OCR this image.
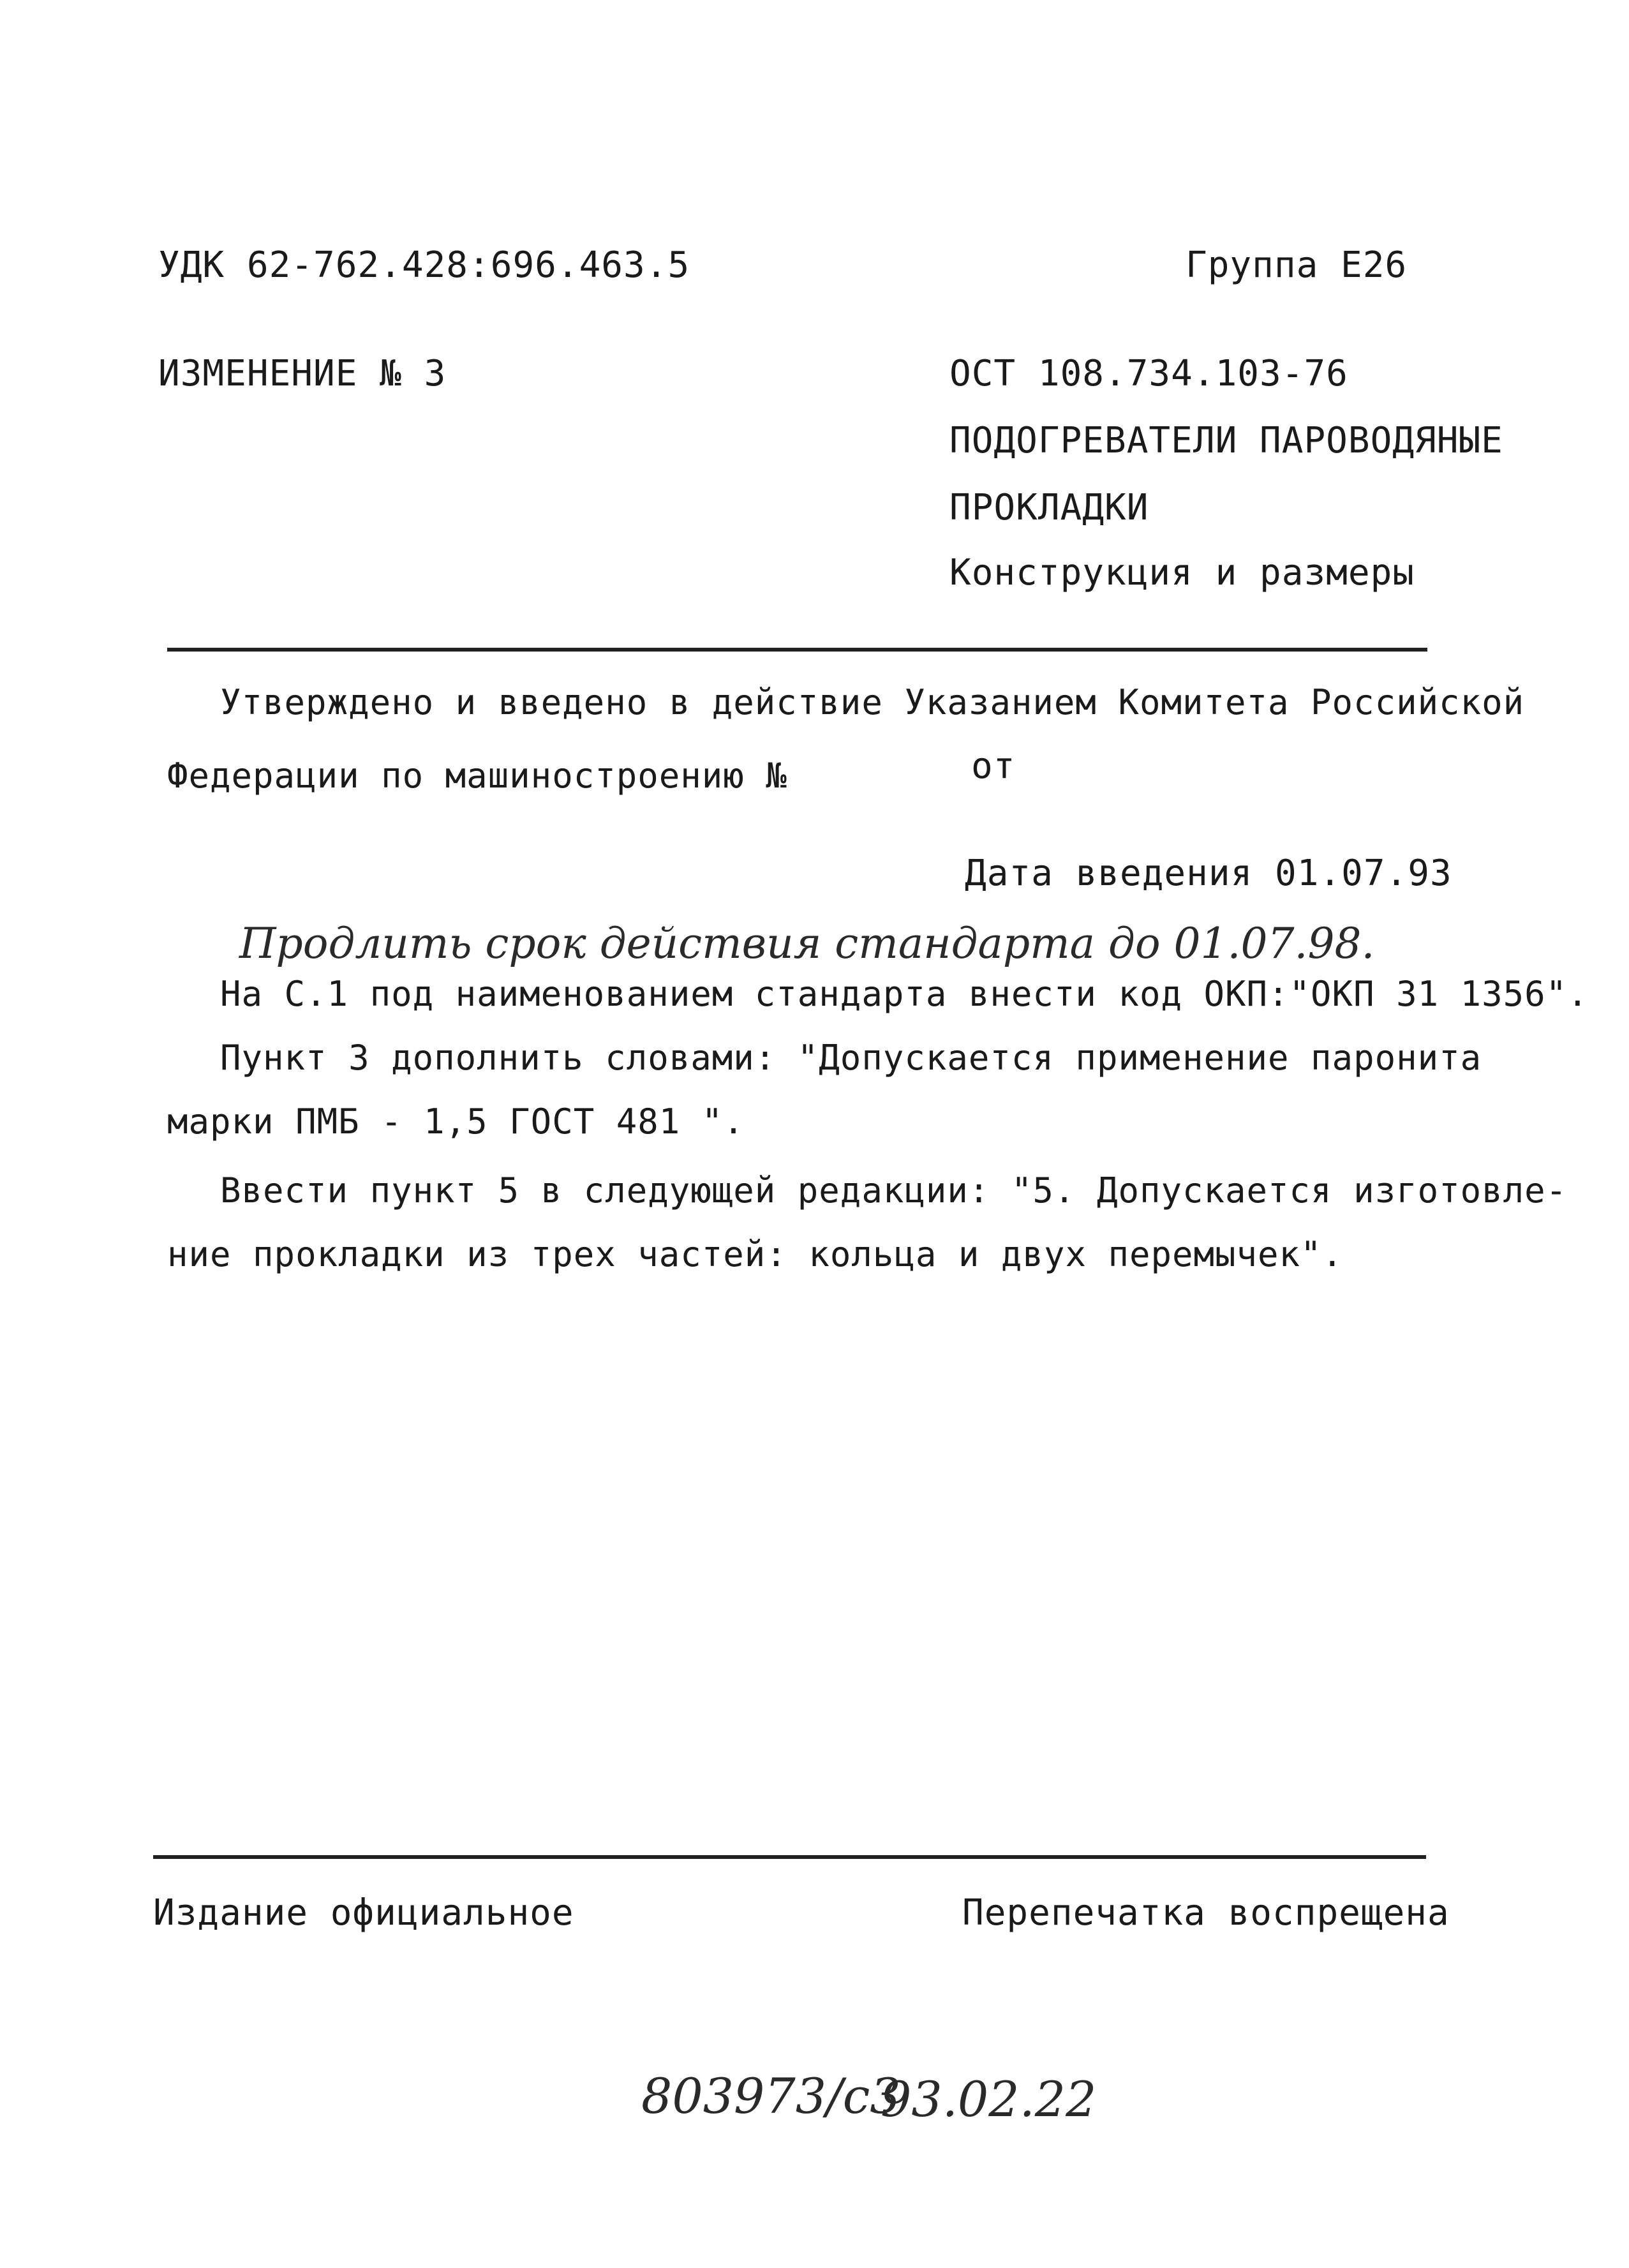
УДК 62-762.428:696.463.5	Группа Е26
ИЗМЕНЕНИЕ № 3	ОСТ 108.734.103-76
ПОДОГРЕВАТЕЛИ ПАРОВОДЯНЫЕ
ПРОКЛАДКИ
Конструкция и размеры
Утверждено и введено в действие Указанием Комитета Российской
Федерации по машиностроению №	от
Дата введения 01.07.93
Продлить срок действия стандарта до 01.07.98.
На С.1 под наименованием стандарта внести код ОКП:"ОКП 31 1356".
Пункт 3 дополнить словами: "Допускается применение паронита
марки ПМБ - 1,5 ГОСТ 481 ".
Ввести пункт 5 в следующей редакции: "5. Допускается изготовле-
ние прокладки из трех частей: кольца и двух перемычек".
Издание официальное	Перепечатка воспрещена
803973/с3
93.02.22
